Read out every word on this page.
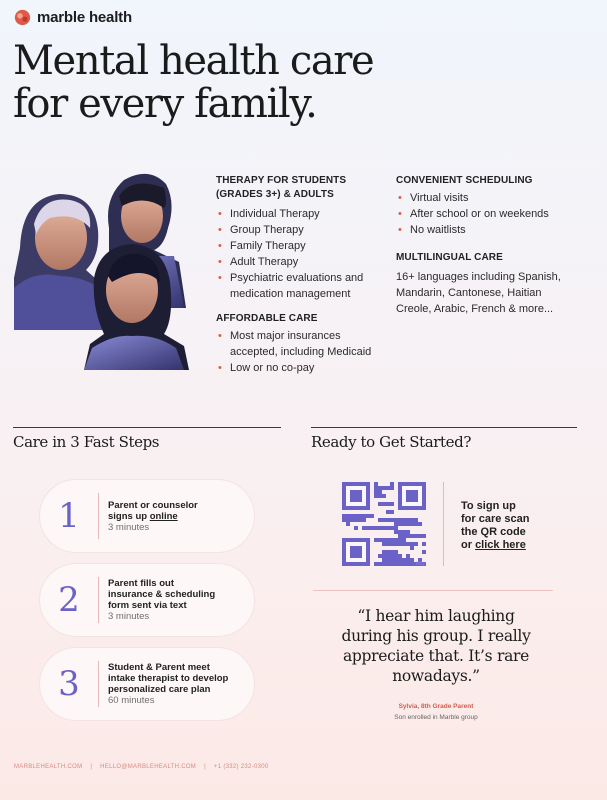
marble health
Mental health care
for every family.
THERAPY FOR STUDENTS
(GRADES 3+) & ADULTS
• Individual Therapy
• Group Therapy
• Family Therapy
• Adult Therapy
• Psychiatric evaluations and
medication management
AFFORDABLE CARE
• Most major insurances
accepted, including Medicaid
• Low or no co-pay
CONVENIENT SCHEDULING
• Virtual visits
• After school or on weekends
• No waitlists
MULTILINGUAL CARE
16+ languages including Spanish,
Mandarin, Cantonese, Haitian
Creole, Arabic, French & more...
Care in 3 Fast Steps	Ready to Get Started?
1	Parent or counselor
signs up online
3 minutes
2	Parent fills out
insurance & scheduling
form sent via text
3 minutes
3	Student & Parent meet
intake therapist to develop
personalized care plan
60 minutes
bitly
To sign up
for care scan
the QR code
or click here
“I hear him laughing
during his group. I really
appreciate that. It’s rare
nowadays.”
Sylvia, 8th Grade Parent
Son enrolled in Marble group
MARBLEHEALTH.COM | HELLO@MARBLEHEALTH.COM | +1 (332) 232-0300
